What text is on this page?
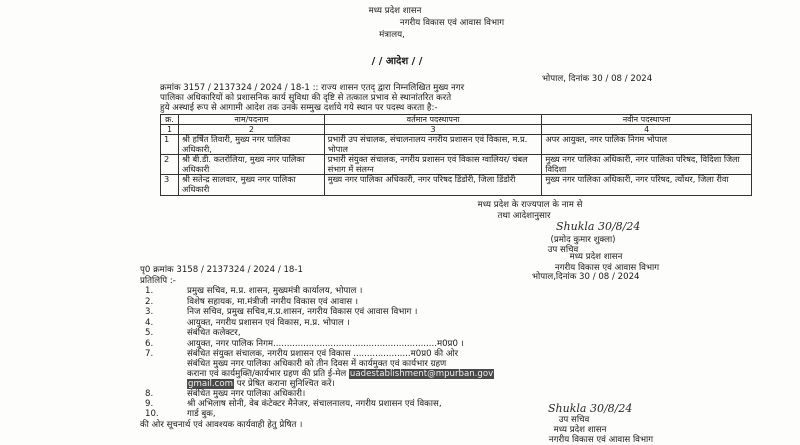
मध्य प्रदेश शासन
नगरीय विकास एवं आवास विभाग
मंत्रालय,
/ / आदेश / /
भोपाल, दिनांक 30 / 08 / 2024
क्रमांक 3157 / 2137324 / 2024 / 18-1 :: राज्य शासन एतद् द्वारा निम्नलिखित मुख्य नगर
पालिका अधिकारियों को प्रशासनिक कार्य सुविधा की दृष्टि से तत्काल प्रभाव से स्थानांतरित करते
हुये अस्थाई रूप से आगामी आदेश तक उनके सम्मुख दर्शाये गये स्थान पर पदस्थ करता है:-
क्र.	नाम/पदनाम	वर्तमान पदस्थापना	नवीन पदस्थापना
1	2	3	4
1	श्री हर्षित तिवारी, मुख्य नगर पालिका अधिकारी,	प्रभारी उप संचालक, संचालनालय नगरीय प्रशासन एवं विकास, म.प्र. भोपाल	अपर आयुक्त, नगर पालिक निगम भोपाल
2	श्री बी.डी. कतरोलिया, मुख्य नगर पालिका अधिकारी	प्रभारी संयुक्त संचालक, नगरीय प्रशासन एवं विकास ग्वालियर/ चंबल संभाग में संलग्न	मुख्य नगर पालिका अधिकारी, नगर पालिका परिषद, विदिशा जिला विदिशा
3	श्री सतेन्द्र सालवार, मुख्य नगर पालिका अधिकारी	मुख्य नगर पालिका अधिकारी, नगर परिषद डिंडोरी, जिला डिंडोरी	मुख्य नगर पालिका अधिकारी, नगर परिषद, त्योंथर, जिला रीवा
मध्य प्रदेश के राज्यपाल के नाम से
तथा आदेशानुसार
Shukla 30/8/24
(प्रमोद कुमार शुक्ला)
उप सचिव
मध्य प्रदेश शासन
नगरीय विकास एवं आवास विभाग
भोपाल,दिनांक 30 / 08 / 2024
पृ0 क्रमांक 3158 / 2137324 / 2024 / 18-1
प्रतिलिपि :-
1.	प्रमुख सचिव, म.प्र. शासन, मुख्यमंत्री कार्यालय, भोपाल ।
2.	विशेष सहायक, मा.मंत्रीजी नगरीय विकास एवं आवास ।
3.	निज सचिव, प्रमुख सचिव,म.प्र.शासन, नगरीय विकास एवं आवास विभाग ।
4.	आयुक्त, नगरीय प्रशासन एवं विकास, म.प्र. भोपाल ।
5.	संबंधित कलेक्टर,
6.	आयुक्त, नगर पालिक निगम............................................................म0प्र0 ।
7.	संबंधित संयुक्त संचालक, नगरीय प्रशासन एवं विकास .....................म0प्र0 की ओर
संबंधित मुख्य नगर पालिका अधिकारी को तीन दिवस में कार्यमुक्त एवं कार्यभार ग्रहण
कराना एवं कार्यमुक्ति/कार्यभार ग्रहण की प्रति ई-मेल uadestablishment@mpurban.gov
gmail.com पर प्रेषित कराना सुनिश्चित करें।
8.	संबंधित मुख्य नगर पालिका अधिकारी।
9.	श्री अभिलाष सोनी, वेब कंटेक्टर मैनेजर, संचालनालय, नगरीय प्रशासन एवं विकास,
10.	गार्ड बुक,
की ओर सूचनार्थ एवं आवश्यक कार्यवाही हेतु प्रेषित ।
Shukla 30/8/24
उप सचिव
मध्य प्रदेश शासन
नगरीय विकास एवं आवास विभाग
